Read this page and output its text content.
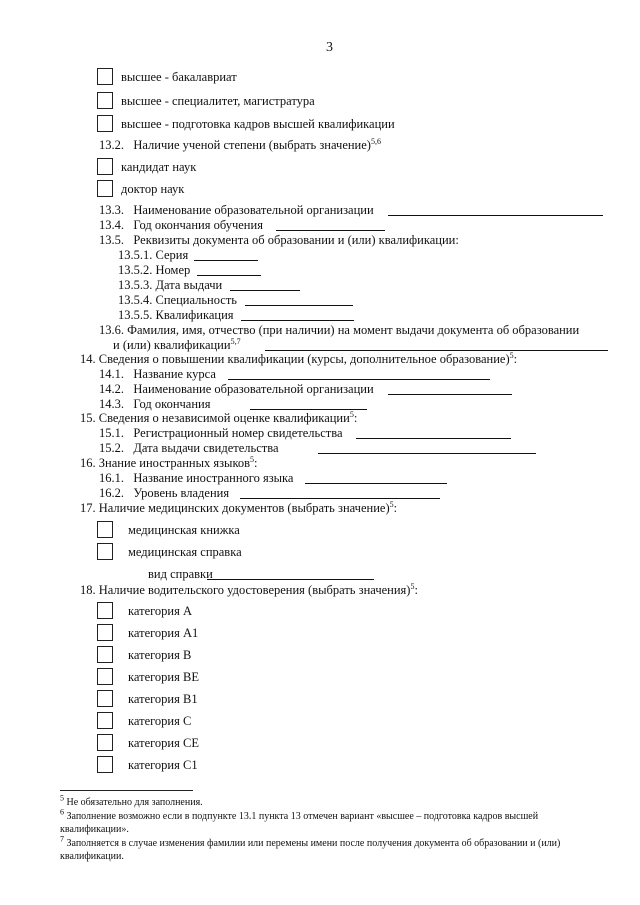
3
высшее - бакалавриат
высшее - специалитет, магистратура
высшее - подготовка кадров высшей квалификации
13.2. Наличие ученой степени (выбрать значение)$^{5,6}$
кандидат наук
доктор наук
13.3. Наименование образовательной организации
13.4. Год окончания обучения
13.5. Реквизиты документа об образовании и (или) квалификации:
13.5.1. Серия
13.5.2. Номер
13.5.3. Дата выдачи
13.5.4. Специальность
13.5.5. Квалификация
13.6. Фамилия, имя, отчество (при наличии) на момент выдачи документа об образовании
и (или) квалификации$^{5,7}$
14. Сведения о повышении квалификации (курсы, дополнительное образование)$^5$:
14.1. Название курса
14.2. Наименование образовательной организации
14.3. Год окончания
15. Сведения о независимой оценке квалификации$^5$:
15.1. Регистрационный номер свидетельства
15.2. Дата выдачи свидетельства
16. Знание иностранных языков$^5$:
16.1. Название иностранного языка
16.2. Уровень владения
17. Наличие медицинских документов (выбрать значение)$^5$:
медицинская книжка
медицинская справка
вид справки
18. Наличие водительского удостоверения (выбрать значения)$^5$:
категория А
категория А1
категория В
категория ВЕ
категория В1
категория С
категория СЕ
категория С1
$^5$ Не обязательно для заполнения.
$^6$ Заполнение возможно если в подпункте 13.1 пункта 13 отмечен вариант «высшее – подготовка кадров высшей
квалификации».
$^7$ Заполняется в случае изменения фамилии или перемены имени после получения документа об образовании и (или)
квалификации.
